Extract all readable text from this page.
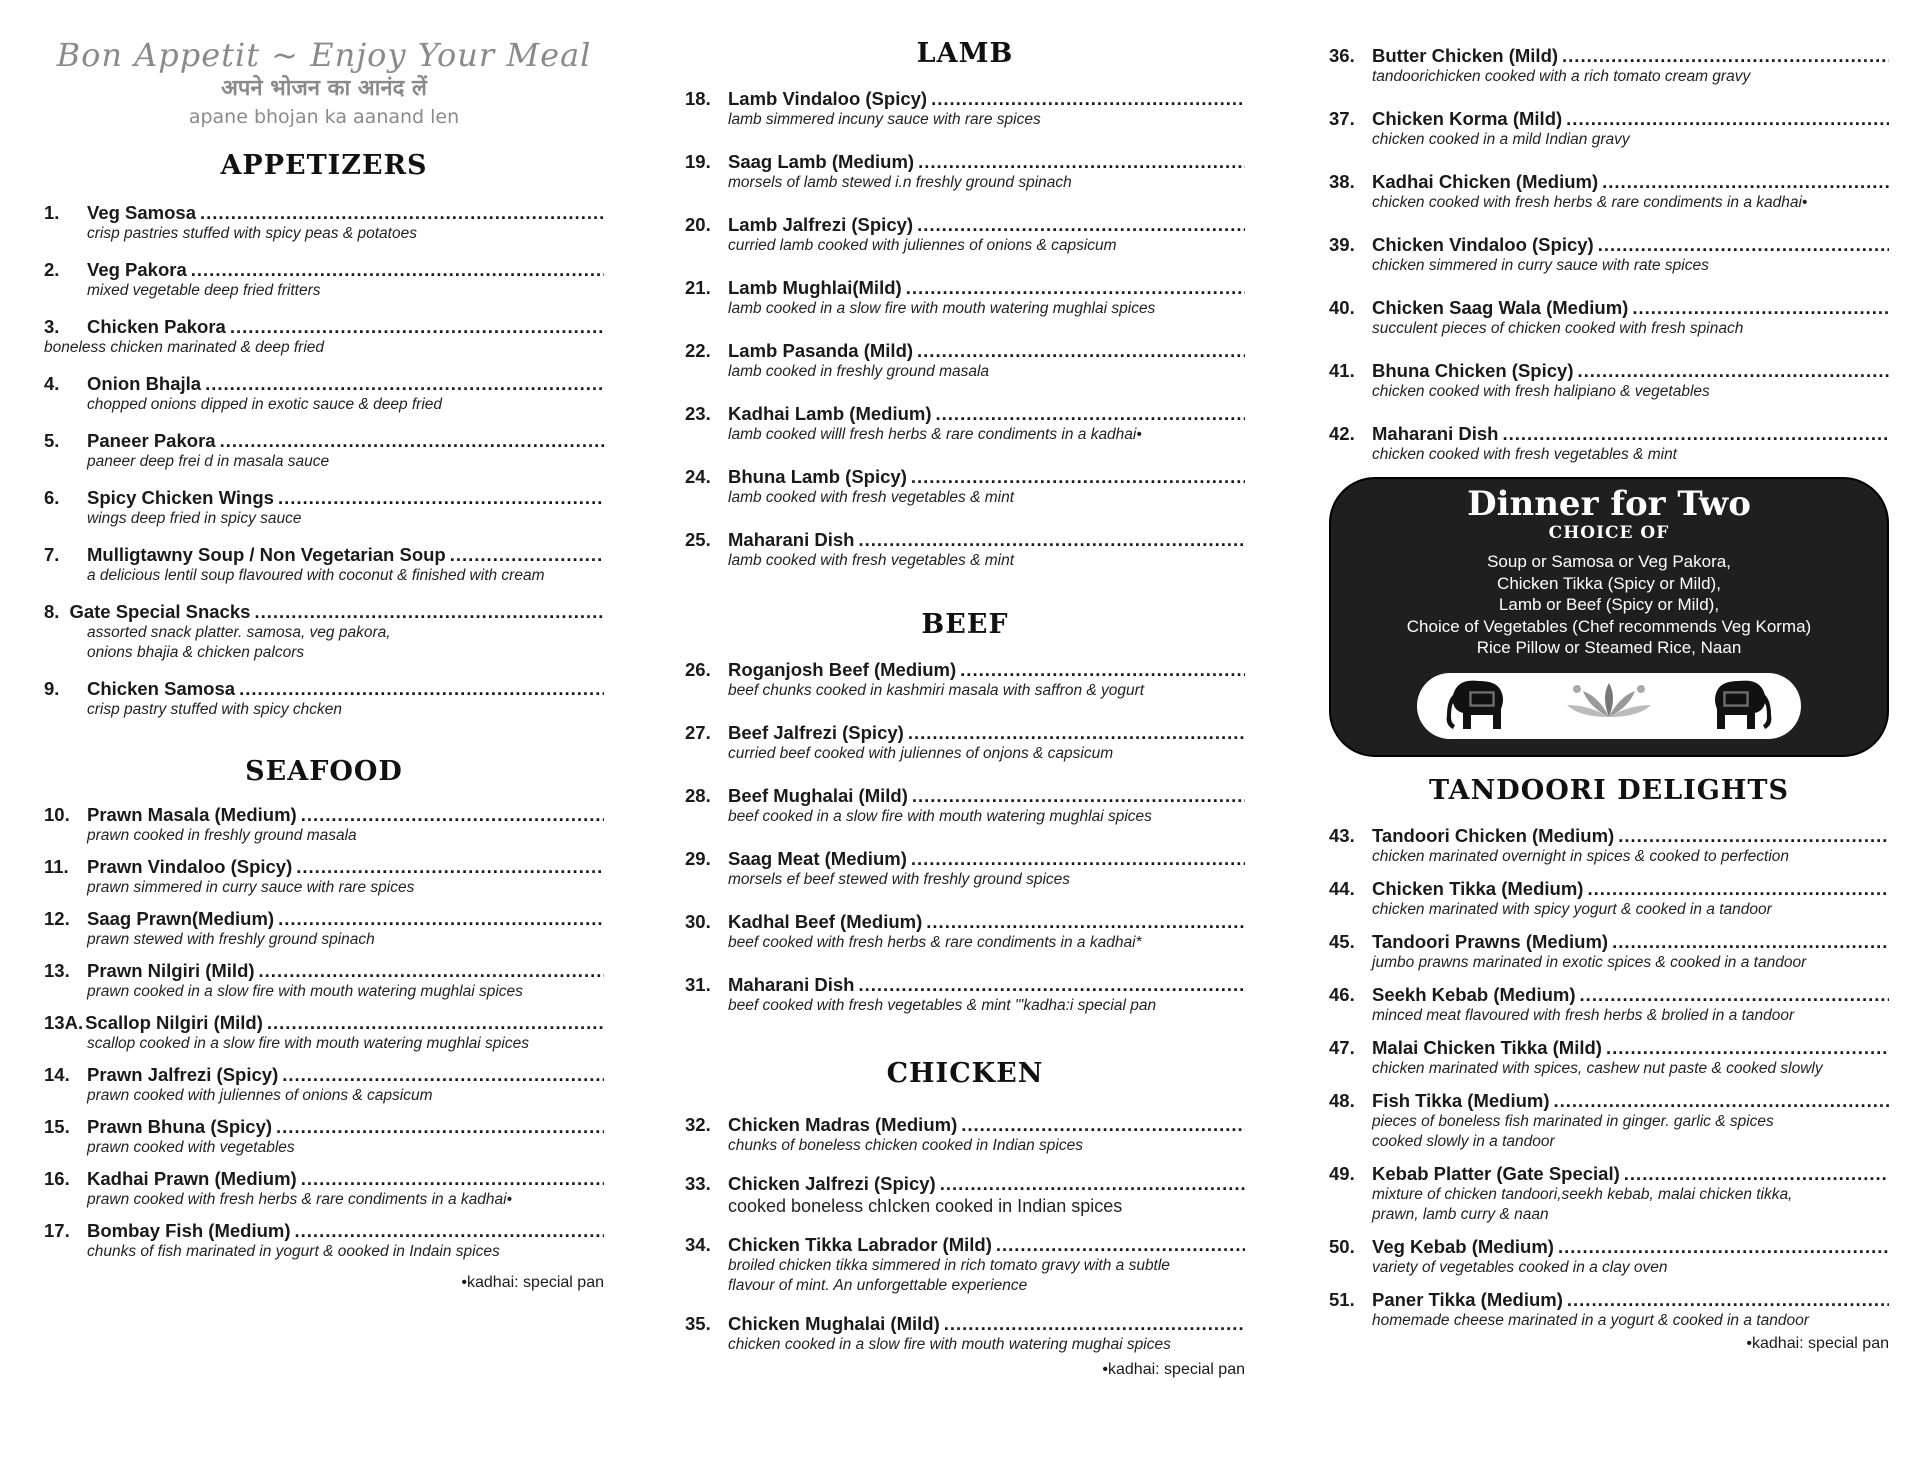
Bon Appetit ~ Enjoy Your Meal
अपने भोजन का आनंद लें
apane bhojan ka aanand len
APPETIZERS
1.	Veg Samosa
.....
crisp pastries stuffed with spicy peas & potatoes
2.	Veg Pakora
.....
mixed vegetable deep fried fritters
3.	Chicken Pakora
.....
boneless chicken marinated & deep fried
4.	Onion Bhajla
.....
chopped onions dipped in exotic sauce & deep fried
5.	Paneer Pakora
.....
paneer deep frei d in masala sauce
6.	Spicy Chicken Wings
.....
wings deep fried in spicy sauce
7.	Mulligtawny Soup / Non Vegetarian Soup
.....
a delicious lentil soup flavoured with coconut & finished with cream
8. Gate Special Snacks
.....
assorted snack platter. samosa, veg pakora,
onions bhajia & chicken palcors
9.	Chicken Samosa
.....
crisp pastry stuffed with spicy chcken
SEAFOOD
10. Prawn Masala (Medium)
.....
prawn cooked in freshly ground masala
11. Prawn Vindaloo (Spicy)
.....
prawn simmered in curry sauce with rare spices
12. Saag Prawn(Medium)
.....
prawn stewed with freshly ground spinach
13. Prawn Nilgiri (Mild)
.....
prawn cooked in a slow fire with mouth watering mughlai spices
13A. Scallop Nilgiri (Mild)
.....
scallop cooked in a slow fire with mouth watering mughlai spices
14. Prawn Jalfrezi (Spicy)
.....
prawn cooked with juliennes of onions & capsicum
15. Prawn Bhuna (Spicy)
.....
prawn cooked with vegetables
16. Kadhai Prawn (Medium)
.....
prawn cooked with fresh herbs & rare condiments in a kadhai•
17. Bombay Fish (Medium)
.....
chunks of fish marinated in yogurt & oooked in Indain spices
•kadhai: special pan
LAMB
18. Lamb Vindaloo (Spicy)
.....
lamb simmered incuny sauce with rare spices
19. Saag Lamb (Medium)
.....
morsels of lamb stewed i.n freshly ground spinach
20. Lamb Jalfrezi (Spicy)
.....
curried lamb cooked with juliennes of onions & capsicum
21. Lamb Mughlai(Mild)
.....
lamb cooked in a slow fire with mouth watering mughlai spices
22. Lamb Pasanda (Mild)
.....
lamb cooked in freshly ground masala
23. Kadhai Lamb (Medium)
.....
lamb cooked willl fresh herbs & rare condiments in a kadhai•
24. Bhuna Lamb (Spicy)
.....
lamb cooked with fresh vegetables & mint
25. Maharani Dish
.....
lamb cooked with fresh vegetables & mint
BEEF
26. Roganjosh Beef (Medium)
.....
beef chunks cooked in kashmiri masala with saffron & yogurt
27. Beef Jalfrezi (Spicy)
.....
curried beef cooked with juliennes of onjons & capsicum
28. Beef Mughalai (Mild)
.....
beef cooked in a slow fire with mouth watering mughlai spices
29. Saag Meat (Medium)
.....
morsels ef beef stewed with freshly ground spices
30. Kadhal Beef (Medium)
.....
beef cooked with fresh herbs & rare condiments in a kadhai*
31. Maharani Dish
.....
beef cooked with fresh vegetables & mint "'kadha:i special pan
CHICKEN
32. Chicken Madras (Medium)
.....
chunks of boneless chicken cooked in Indian spices
33. Chicken Jalfrezi (Spicy)
.....
cooked boneless chIcken cooked in Indian spices
34. Chicken Tikka Labrador (Mild)
.....
broiled chicken tikka simmered in rich tomato gravy with a subtle
flavour of mint. An unforgettable experience
35. Chicken Mughalai (Mild)
.....
chicken cooked in a slow fire with mouth watering mughai spices
•kadhai: special pan
36. Butter Chicken (Mild)
.....
tandoorichicken cooked with a rich tomato cream gravy
37. Chicken Korma (Mild)
.....
chicken cooked in a mild Indian gravy
38. Kadhai Chicken (Medium)
.....
chicken cooked with fresh herbs & rare condiments in a kadhai•
39. Chicken Vindaloo (Spicy)
.....
chicken simmered in curry sauce with rate spices
40. Chicken Saag Wala (Medium)
.....
succulent pieces of chicken cooked with fresh spinach
41. Bhuna Chicken (Spicy)
.....
chicken cooked with fresh halipiano & vegetables
42. Maharani Dish
.....
chicken cooked with fresh vegetables & mint
Dinner for Two
CHOICE OF
Soup or Samosa or Veg Pakora,
Chicken Tikka (Spicy or Mild),
Lamb or Beef (Spicy or Mild),
Choice of Vegetables (Chef recommends Veg Korma)
Rice Pillow or Steamed Rice, Naan
TANDOORI DELIGHTS
43. Tandoori Chicken (Medium)
.....
chicken marinated overnight in spices & cooked to perfection
44. Chicken Tikka (Medium)
.....
chicken marinated with spicy yogurt & cooked in a tandoor
45. Tandoori Prawns (Medium)
.....
jumbo prawns marinated in exotic spices & cooked in a tandoor
46. Seekh Kebab (Medium)
.....
minced meat flavoured with fresh herbs & brolied in a tandoor
47. Malai Chicken Tikka (Mild)
.....
chicken marinated with spices, cashew nut paste & cooked slowly
48. Fish Tikka (Medium)
.....
pieces of boneless fish marinated in ginger. garlic & spices
cooked slowly in a tandoor
49. Kebab Platter (Gate Special)
.....
mixture of chicken tandoori,seekh kebab, malai chicken tikka,
prawn, lamb curry & naan
50. Veg Kebab (Medium)
.....
variety of vegetables cooked in a clay oven
51. Paner Tikka (Medium)
.....
homemade cheese marinated in a yogurt & cooked in a tandoor
•kadhai: special pan
